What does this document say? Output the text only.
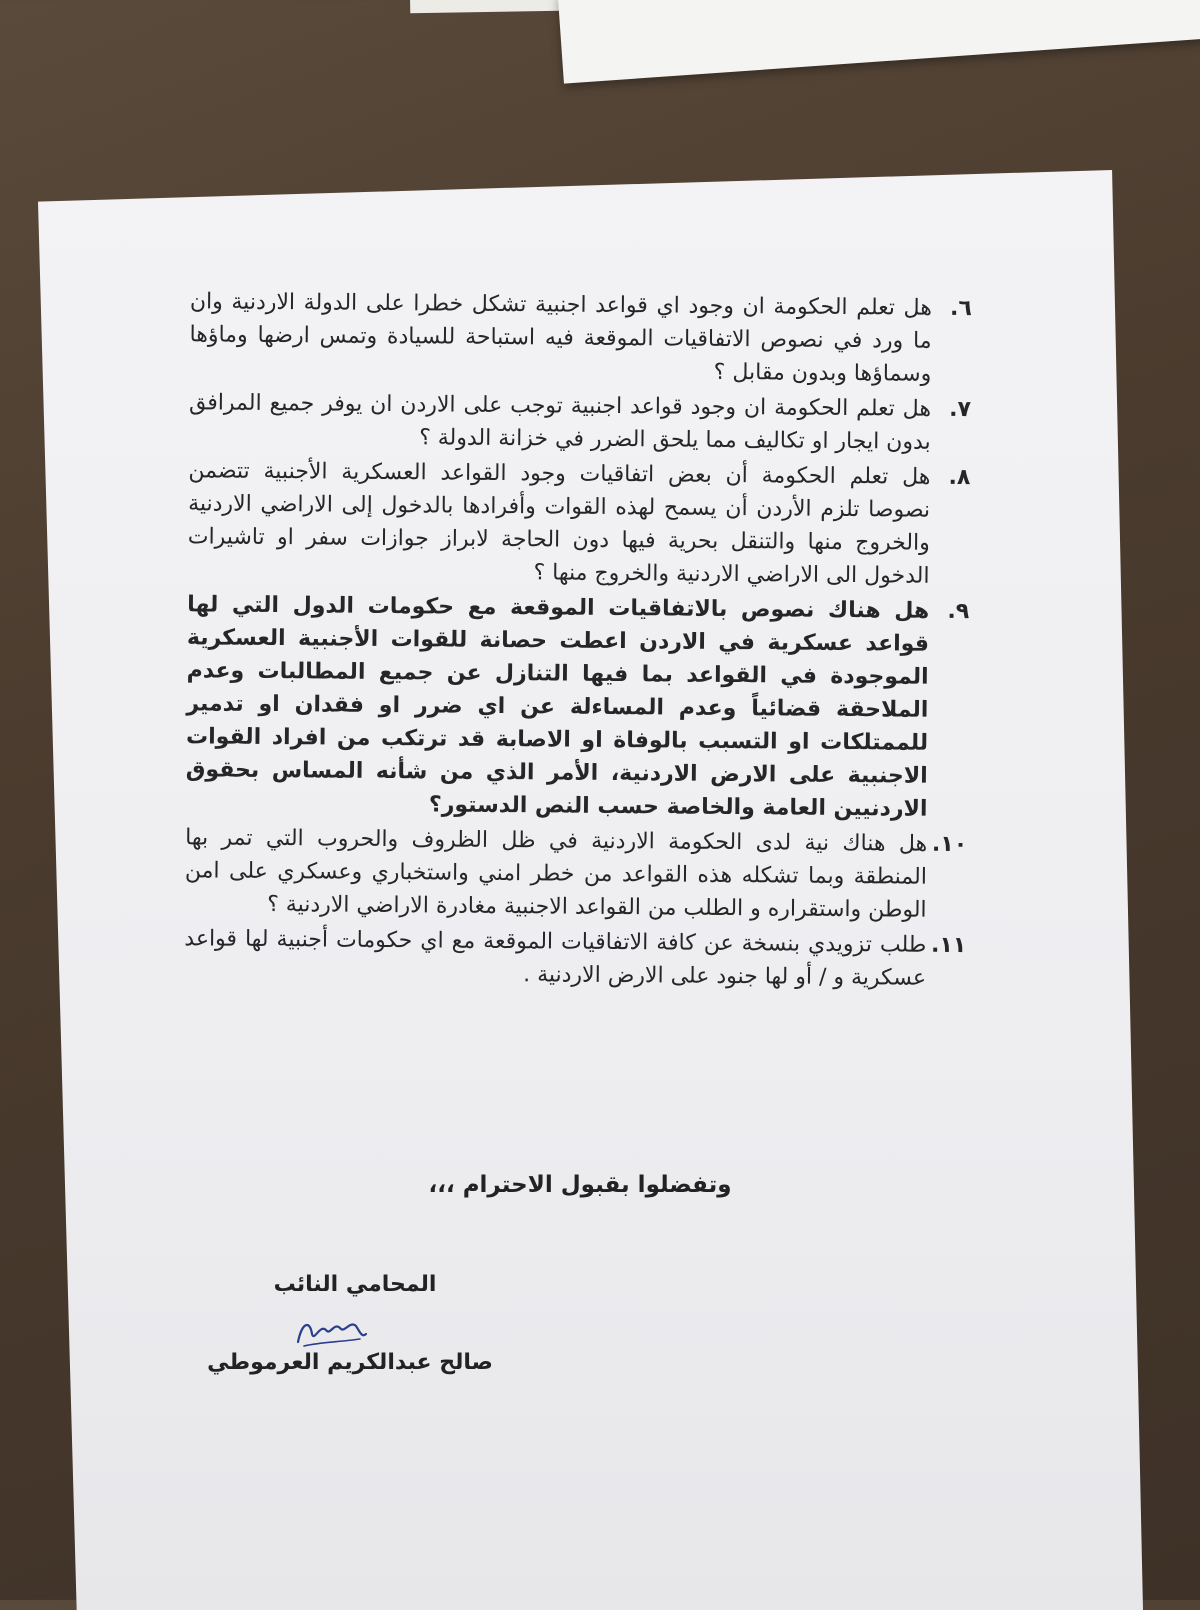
٦.
هل تعلم الحكومة ان وجود اي قواعد اجنبية تشكل خطرا على الدولة الاردنية وان ما ورد في نصوص الاتفاقيات الموقعة فيه استباحة للسيادة وتمس ارضها وماؤها وسماؤها وبدون مقابل ؟
٧.
هل تعلم الحكومة ان وجود قواعد اجنبية توجب على الاردن ان يوفر جميع المرافق بدون ايجار او تكاليف مما يلحق الضرر في خزانة الدولة ؟
٨.
هل تعلم الحكومة أن بعض اتفاقيات وجود القواعد العسكرية الأجنبية تتضمن نصوصا تلزم الأردن أن يسمح لهذه القوات وأفرادها بالدخول إلى الاراضي الاردنية والخروج منها والتنقل بحرية فيها دون الحاجة لابراز جوازات سفر او تاشيرات الدخول الى الاراضي الاردنية والخروج منها ؟
٩.
هل هناك نصوص بالاتفاقيات الموقعة مع حكومات الدول التي لها قواعد عسكرية في الاردن اعطت حصانة للقوات الأجنبية العسكرية الموجودة في القواعد بما فيها التنازل عن جميع المطالبات وعدم الملاحقة قضائياً وعدم المساءلة عن اي ضرر او فقدان او تدمير للممتلكات او التسبب بالوفاة او الاصابة قد ترتكب من افراد القوات الاجنبية على الارض الاردنية، الأمر الذي من شأنه المساس بحقوق الاردنيين العامة والخاصة حسب النص الدستور؟
١٠.
هل هناك نية لدى الحكومة الاردنية في ظل الظروف والحروب التي تمر بها المنطقة وبما تشكله هذه القواعد من خطر امني واستخباري وعسكري على امن الوطن واستقراره و الطلب من القواعد الاجنبية مغادرة الاراضي الاردنية ؟
١١.
طلب تزويدي بنسخة عن كافة الاتفاقيات الموقعة مع اي حكومات أجنبية لها قواعد عسكرية و / أو لها جنود على الارض الاردنية .
وتفضلوا بقبول الاحترام ،،،
المحامي النائب
صالح عبدالكريم العرموطي
